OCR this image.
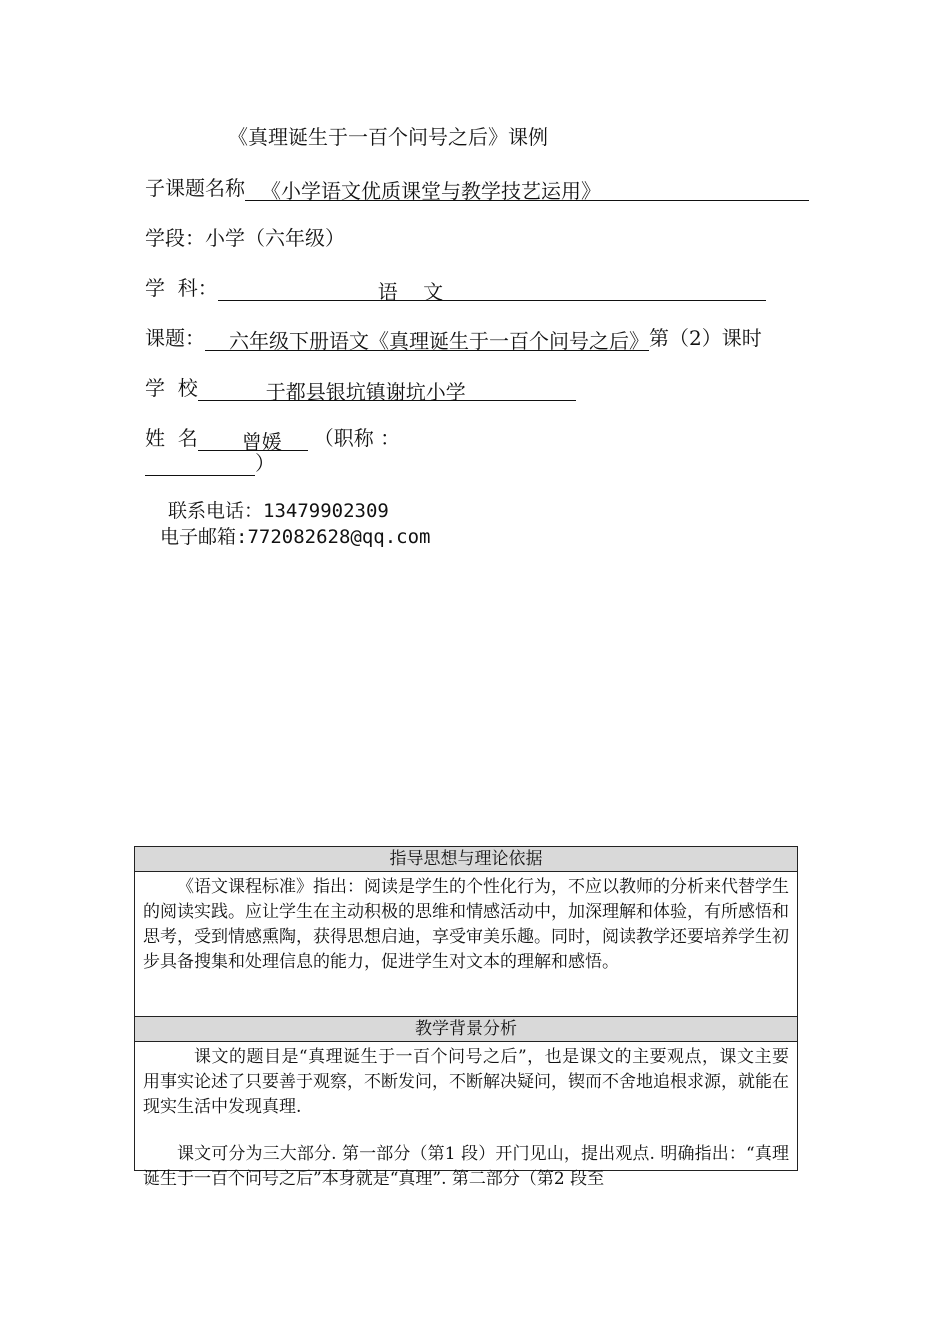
《真理诞生于一百个问号之后》课例
子课题名称 《小学语文优质课堂与教学技艺运用》
学段：小学（六年级）
学  科：	语    文
课题： 六年级下册语文《真理诞生于一百个问号之后》第（2）课时
学  校	于都县银坑镇谢坑小学
姓  名 曾媛 （职称 ：
）
联系电话：13479902309
电子邮箱:772082628@qq.com
指导思想与理论依据

《语文课程标准》指出：阅读是学生的个性化行为，不应以教师的分析来代替学生的阅读实践。应让学生在主动积极的思维和情感活动中，加深理解和体验，有所感悟和思考，受到情感熏陶，获得思想启迪，享受审美乐趣。同时，阅读教学还要培养学生初步具备搜集和处理信息的能力，促进学生对文本的理解和感悟。

教学背景分析

课文的题目是“真理诞生于一百个问号之后”，也是课文的主要观点，课文主要用事实论述了只要善于观察，不断发问，不断解决疑问，锲而不舍地追根求源，就能在现实生活中发现真理.

课文可分为三大部分. 第一部分（第1 段）开门见山，提出观点. 明确指出：“真理诞生于一百个问号之后”本身就是“真理”. 第二部分（第2 段至
